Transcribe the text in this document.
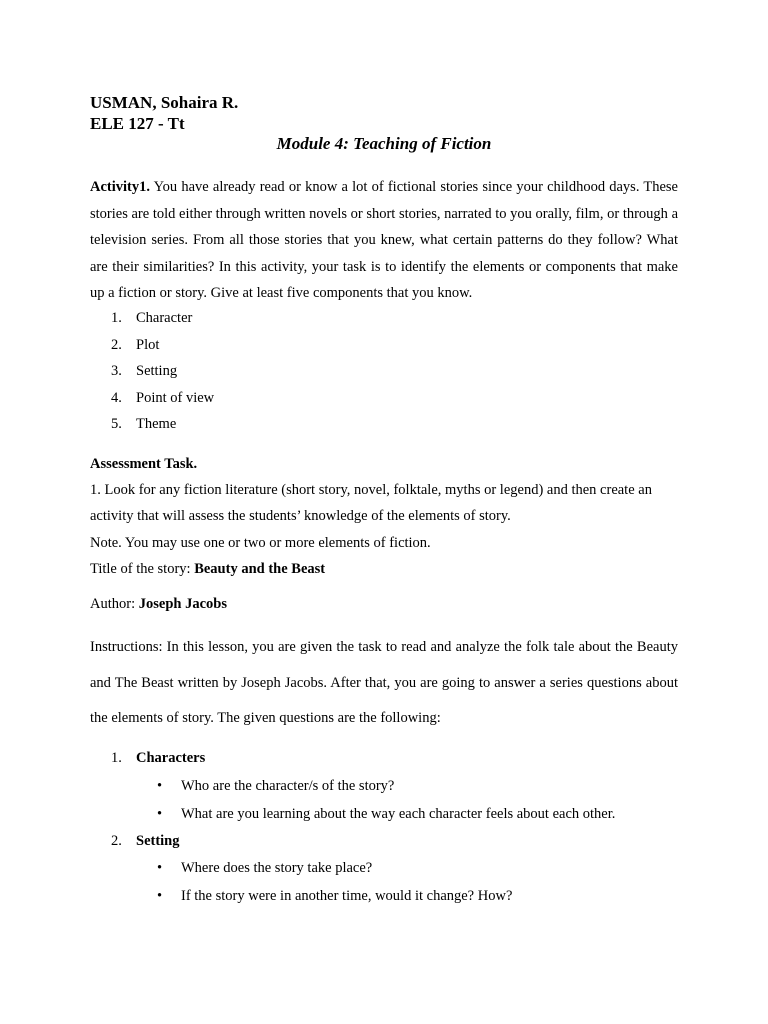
USMAN, Sohaira R.
ELE 127 - Tt
Module 4: Teaching of Fiction
Activity1. You have already read or know a lot of fictional stories since your childhood days. These stories are told either through written novels or short stories, narrated to you orally, film, or through a television series. From all those stories that you knew, what certain patterns do they follow? What are their similarities? In this activity, your task is to identify the elements or components that make up a fiction or story. Give at least five components that you know.
1. Character
2. Plot
3. Setting
4. Point of view
5. Theme
Assessment Task.
1. Look for any fiction literature (short story, novel, folktale, myths or legend) and then create an
activity that will assess the students’ knowledge of the elements of story.
Note. You may use one or two or more elements of fiction.
Title of the story: Beauty and the Beast
Author: Joseph Jacobs
Instructions: In this lesson, you are given the task to read and analyze the folk tale about the Beauty and The Beast written by Joseph Jacobs. After that, you are going to answer a series questions about the elements of story. The given questions are the following:
1. Characters
• Who are the character/s of the story?
• What are you learning about the way each character feels about each other.
2. Setting
• Where does the story take place?
• If the story were in another time, would it change? How?
